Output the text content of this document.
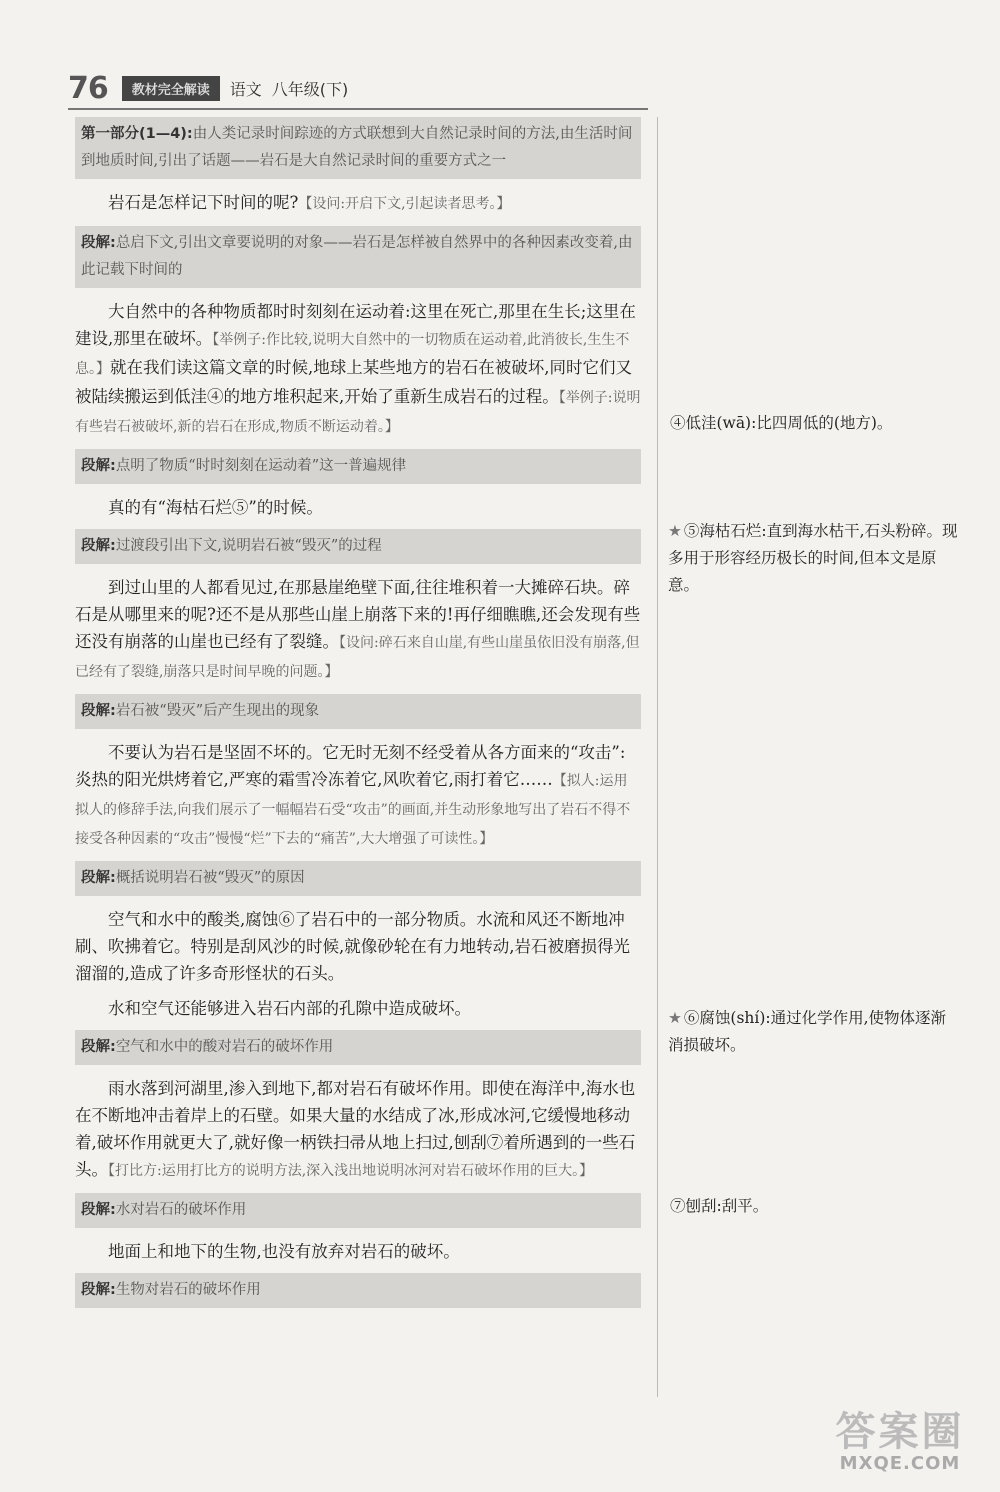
76	教材完全解读	语文 八年级(下)
第一部分(1—4):由人类记录时间踪迹的方式联想到大自然记录时间的方法,由生活时间到地质时间,引出了话题——岩石是大自然记录时间的重要方式之一

岩石是怎样记下时间的呢?【设问:开启下文,引起读者思考。】

段解:总启下文,引出文章要说明的对象——岩石是怎样被自然界中的各种因素改变着,由此记载下时间的

大自然中的各种物质都时时刻刻在运动着:这里在死亡,那里在生长;这里在建设,那里在破坏。【举例子:作比较,说明大自然中的一切物质在运动着,此消彼长,生生不息。】就在我们读这篇文章的时候,地球上某些地方的岩石在被破坏,同时它们又被陆续搬运到低洼④的地方堆积起来,开始了重新生成岩石的过程。【举例子:说明有些岩石被破坏,新的岩石在形成,物质不断运动着。】

段解:点明了物质“时时刻刻在运动着”这一普遍规律

真的有“海枯石烂⑤”的时候。

段解:过渡段引出下文,说明岩石被“毁灭”的过程

到过山里的人都看见过,在那悬崖绝壁下面,往往堆积着一大摊碎石块。碎石是从哪里来的呢?还不是从那些山崖上崩落下来的!再仔细瞧瞧,还会发现有些还没有崩落的山崖也已经有了裂缝。【设问:碎石来自山崖,有些山崖虽依旧没有崩落,但已经有了裂缝,崩落只是时间早晚的问题。】

段解:岩石被“毁灭”后产生现出的现象

不要认为岩石是坚固不坏的。它无时无刻不经受着从各方面来的“攻击”:炎热的阳光烘烤着它,严寒的霜雪冷冻着它,风吹着它,雨打着它……【拟人:运用拟人的修辞手法,向我们展示了一幅幅岩石受“攻击”的画面,并生动形象地写出了岩石不得不接受各种因素的“攻击”慢慢“烂”下去的“痛苦”,大大增强了可读性。】

段解:概括说明岩石被“毁灭”的原因

空气和水中的酸类,腐蚀⑥了岩石中的一部分物质。水流和风还不断地冲刷、吹拂着它。特别是刮风沙的时候,就像砂轮在有力地转动,岩石被磨损得光溜溜的,造成了许多奇形怪状的石头。

水和空气还能够进入岩石内部的孔隙中造成破坏。

段解:空气和水中的酸对岩石的破坏作用

雨水落到河湖里,渗入到地下,都对岩石有破坏作用。即使在海洋中,海水也在不断地冲击着岸上的石壁。如果大量的水结成了冰,形成冰河,它缓慢地移动着,破坏作用就更大了,就好像一柄铁扫帚从地上扫过,刨刮⑦着所遇到的一些石头。【打比方:运用打比方的说明方法,深入浅出地说明冰河对岩石破坏作用的巨大。】

段解:水对岩石的破坏作用

地面上和地下的生物,也没有放弃对岩石的破坏。

段解:生物对岩石的破坏作用
④低洼(wā):比四周低的(地方)。
★ ⑤海枯石烂:直到海水枯干,石头粉碎。现多用于形容经历极长的时间,但本文是原意。
★ ⑥腐蚀(shí):通过化学作用,使物体逐渐消损破坏。
⑦刨刮:刮平。
答案圈
MXQE.COM
